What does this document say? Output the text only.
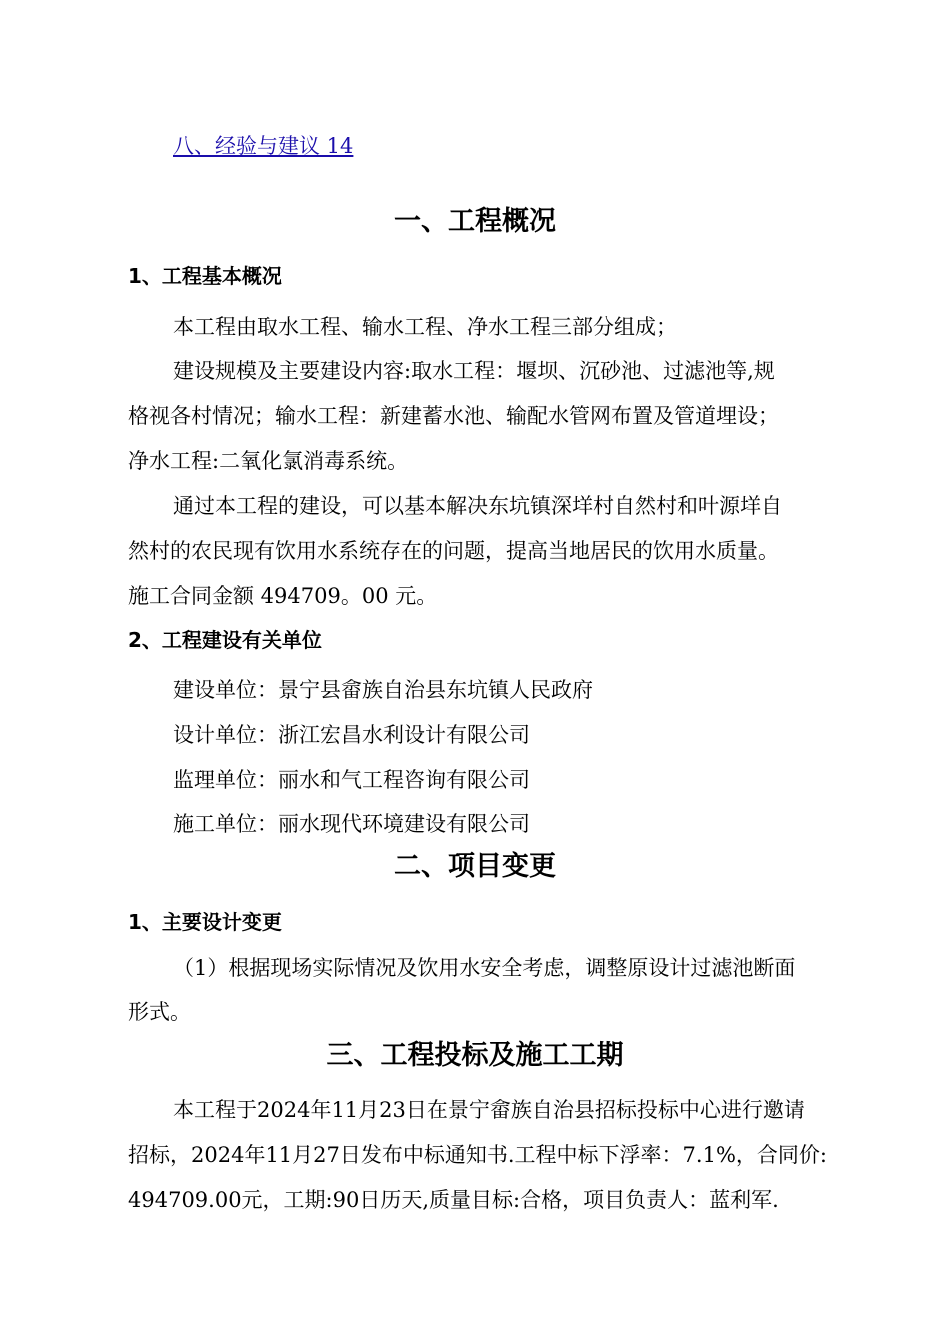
八、经验与建议 14
一、工程概况
1、工程基本概况
本工程由取水工程、输水工程、净水工程三部分组成；
建设规模及主要建设内容:取水工程：堰坝、沉砂池、过滤池等,规
格视各村情况；输水工程：新建蓄水池、输配水管网布置及管道埋设；
净水工程:二氧化氯消毒系统。
通过本工程的建设，可以基本解决东坑镇深垟村自然村和叶源垟自
然村的农民现有饮用水系统存在的问题，提高当地居民的饮用水质量。
施工合同金额 494709。00 元。
2、工程建设有关单位
建设单位：景宁县畲族自治县东坑镇人民政府
设计单位：浙江宏昌水利设计有限公司
监理单位：丽水和气工程咨询有限公司
施工单位：丽水现代环境建设有限公司
二、项目变更
1、主要设计变更
（1）根据现场实际情况及饮用水安全考虑，调整原设计过滤池断面
形式。
三、工程投标及施工工期
本工程于2024年11月23日在景宁畲族自治县招标投标中心进行邀请
招标，2024年11月27日发布中标通知书.工程中标下浮率：7.1%，合同价:
494709.00元，工期:90日历天,质量目标:合格，项目负责人：蓝利军.
